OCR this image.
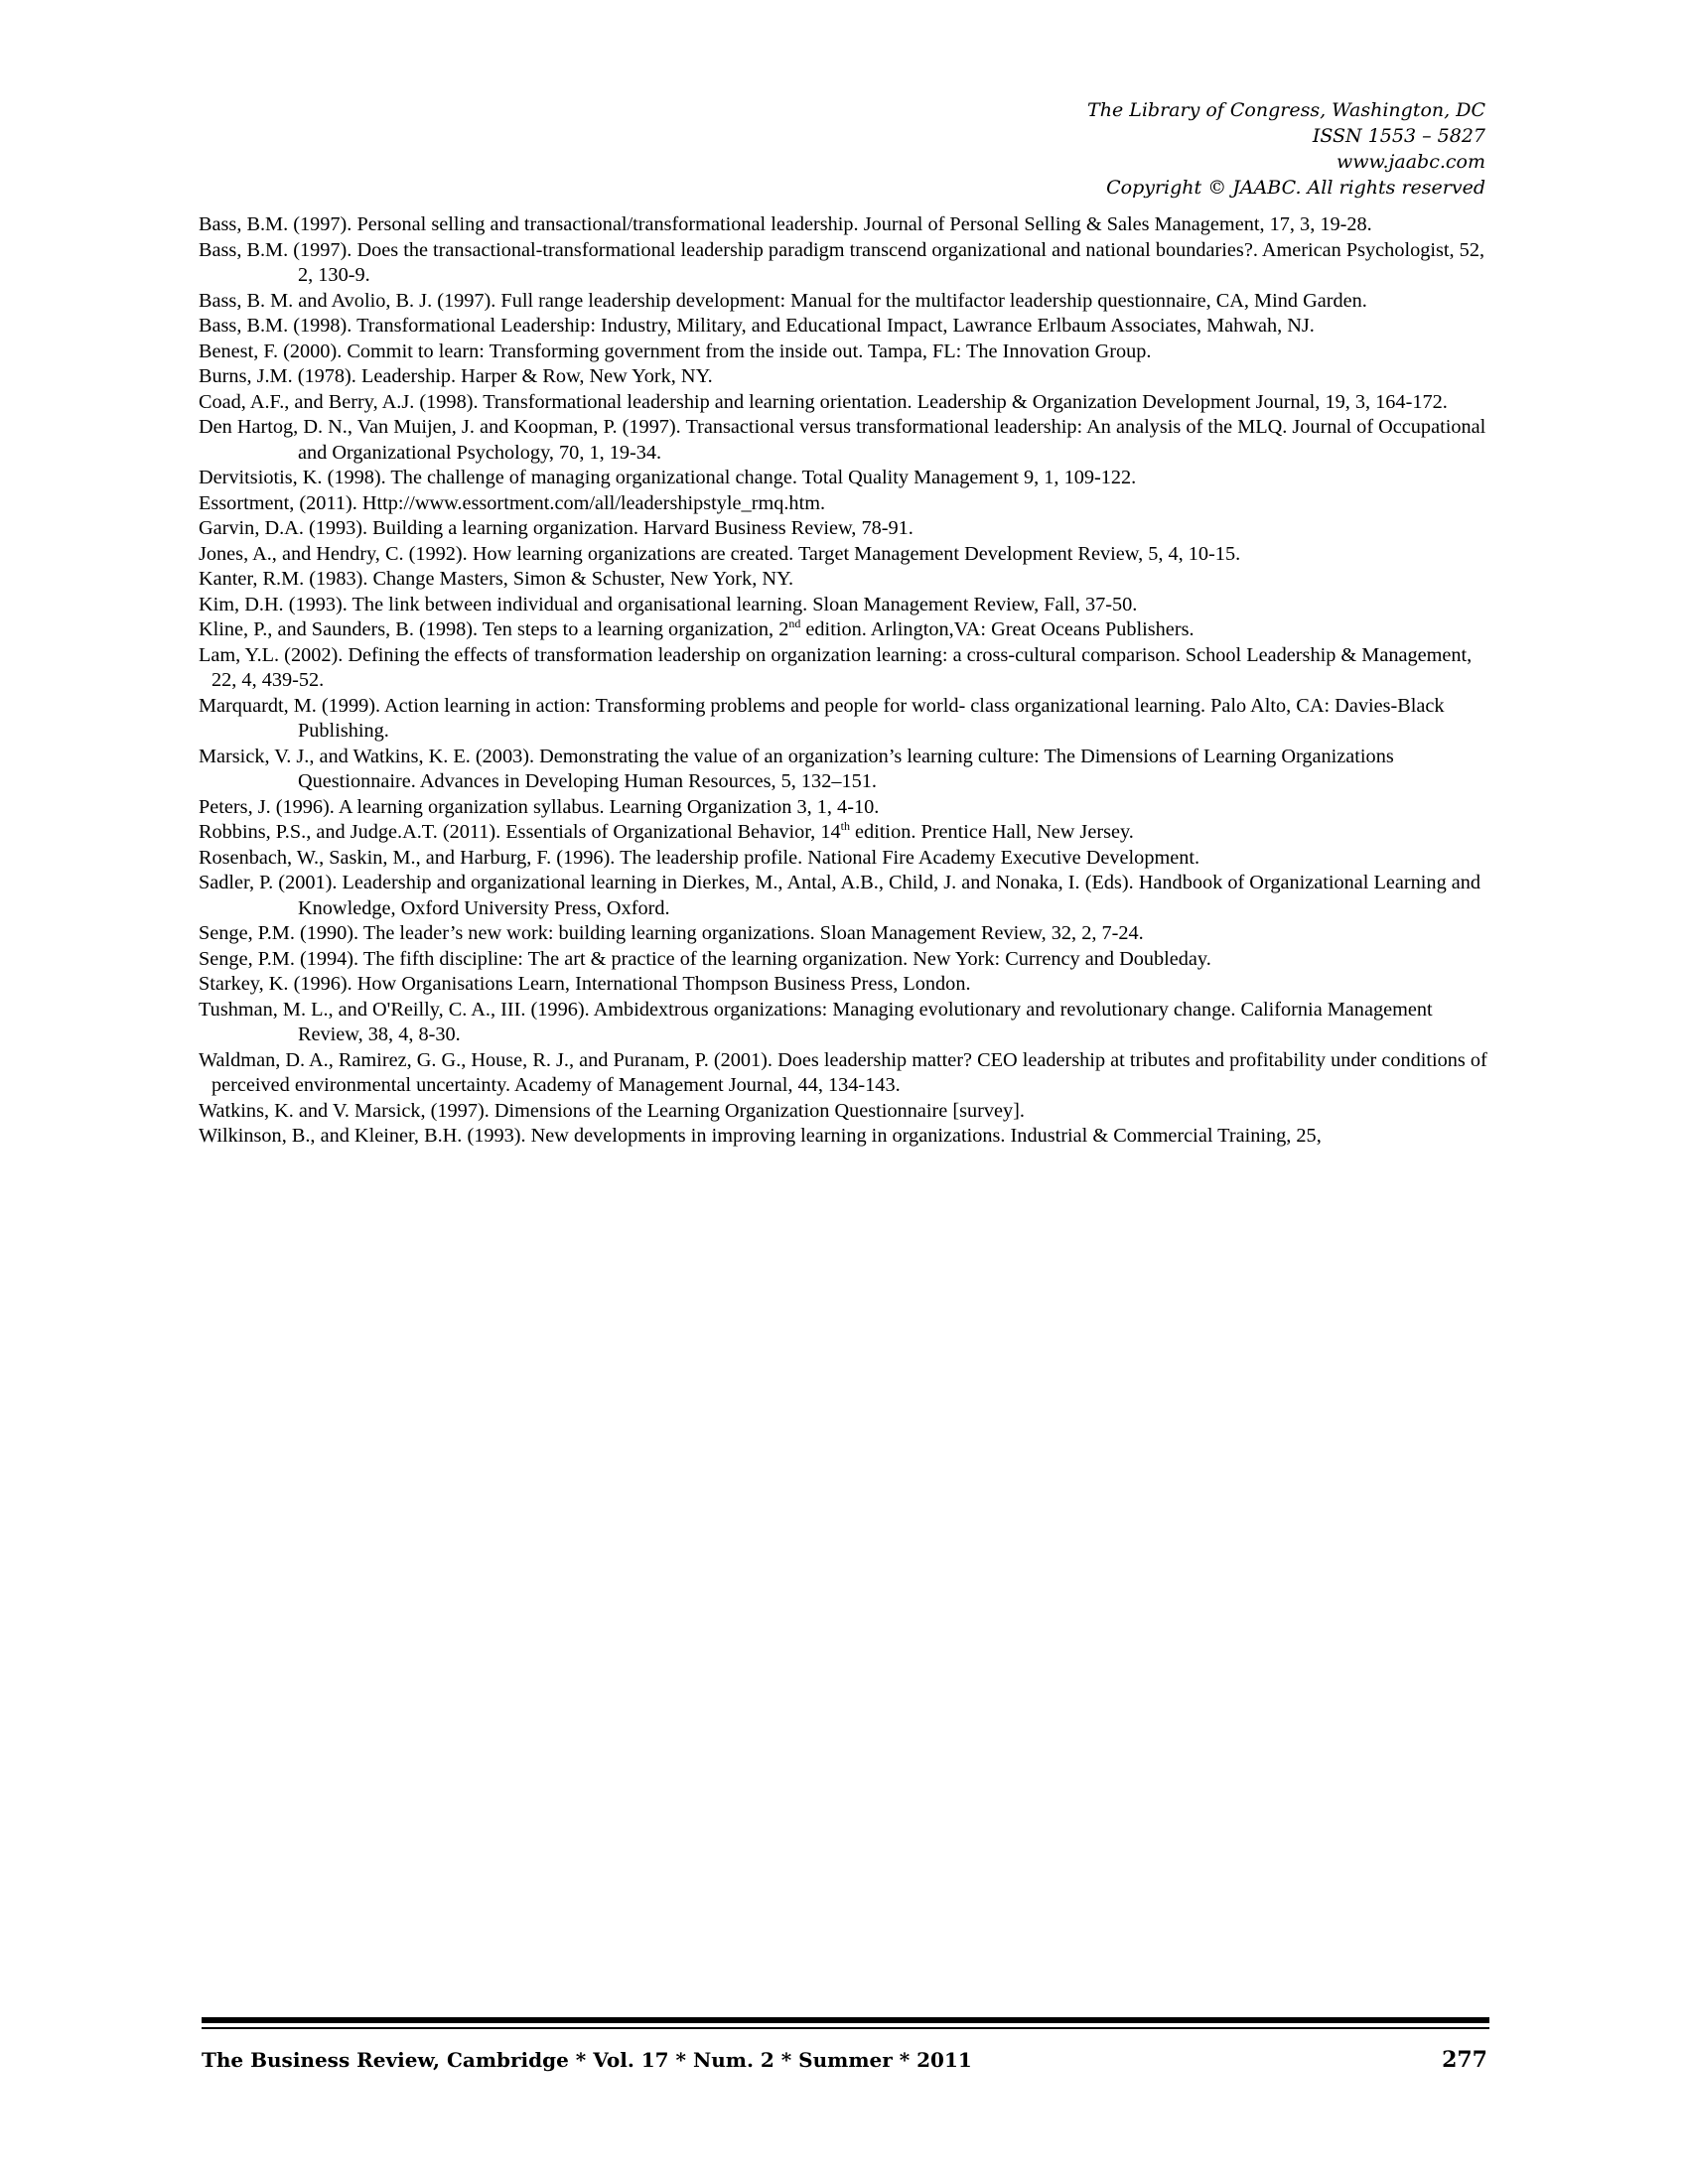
The Library of Congress, Washington, DC
ISSN 1553 – 5827
www.jaabc.com
Copyright © JAABC. All rights reserved

Bass, B.M. (1997). Personal selling and transactional/transformational leadership. Journal of Personal Selling & Sales Management, 17, 3, 19-28.

Bass, B.M. (1997). Does the transactional-transformational leadership paradigm transcend organizational and national boundaries?. American Psychologist, 52, 2, 130-9.

Bass, B. M. and Avolio, B. J. (1997). Full range leadership development: Manual for the multifactor leadership questionnaire, CA, Mind Garden.

Bass, B.M. (1998). Transformational Leadership: Industry, Military, and Educational Impact, Lawrance Erlbaum Associates, Mahwah, NJ.

Benest, F. (2000). Commit to learn: Transforming government from the inside out. Tampa, FL: The Innovation Group.

Burns, J.M. (1978). Leadership. Harper & Row, New York, NY.

Coad, A.F., and Berry, A.J. (1998). Transformational leadership and learning orientation. Leadership & Organization Development Journal, 19, 3, 164-172.

Den Hartog, D. N., Van Muijen, J. and Koopman, P. (1997). Transactional versus transformational leadership: An analysis of the MLQ. Journal of Occupational and Organizational Psychology, 70, 1, 19-34.

Dervitsiotis, K. (1998). The challenge of managing organizational change. Total Quality Management 9, 1, 109-122.

Essortment, (2011). Http://www.essortment.com/all/leadershipstyle_rmq.htm.

Garvin, D.A. (1993). Building a learning organization. Harvard Business Review, 78-91.

Jones, A., and Hendry, C. (1992). How learning organizations are created. Target Management Development Review, 5, 4, 10-15.

Kanter, R.M. (1983). Change Masters, Simon & Schuster, New York, NY.

Kim, D.H. (1993). The link between individual and organisational learning. Sloan Management Review, Fall, 37-50.

Kline, P., and Saunders, B. (1998). Ten steps to a learning organization, 2nd edition. Arlington,VA: Great Oceans Publishers.

Lam, Y.L. (2002). Defining the effects of transformation leadership on organization learning: a cross-cultural comparison. School Leadership & Management, 22, 4, 439-52.

Marquardt, M. (1999). Action learning in action: Transforming problems and people for world- class organizational learning. Palo Alto, CA: Davies-Black Publishing.

Marsick, V. J., and Watkins, K. E. (2003). Demonstrating the value of an organization’s learning culture: The Dimensions of Learning Organizations Questionnaire. Advances in Developing Human Resources, 5, 132–151.

Peters, J. (1996). A learning organization syllabus. Learning Organization 3, 1, 4-10.

Robbins, P.S., and Judge.A.T. (2011). Essentials of Organizational Behavior, 14th edition. Prentice Hall, New Jersey.

Rosenbach, W., Saskin, M., and Harburg, F. (1996). The leadership profile. National Fire Academy Executive Development.

Sadler, P. (2001). Leadership and organizational learning in Dierkes, M., Antal, A.B., Child, J. and Nonaka, I. (Eds). Handbook of Organizational Learning and Knowledge, Oxford University Press, Oxford.

Senge, P.M. (1990). The leader’s new work: building learning organizations. Sloan Management Review, 32, 2, 7-24.

Senge, P.M. (1994). The fifth discipline: The art & practice of the learning organization. New York: Currency and Doubleday.

Starkey, K. (1996). How Organisations Learn, International Thompson Business Press, London.

Tushman, M. L., and O'Reilly, C. A., III. (1996). Ambidextrous organizations: Managing evolutionary and revolutionary change. California Management Review, 38, 4, 8-30.

Waldman, D. A., Ramirez, G. G., House, R. J., and Puranam, P. (2001). Does leadership matter? CEO leadership at tributes and profitability under conditions of perceived environmental uncertainty. Academy of Management Journal, 44, 134-143.

Watkins, K. and V. Marsick, (1997). Dimensions of the Learning Organization Questionnaire [survey].

Wilkinson, B., and Kleiner, B.H. (1993). New developments in improving learning in organizations. Industrial & Commercial Training, 25,

The Business Review, Cambridge * Vol. 17 * Num. 2 * Summer * 2011	277
